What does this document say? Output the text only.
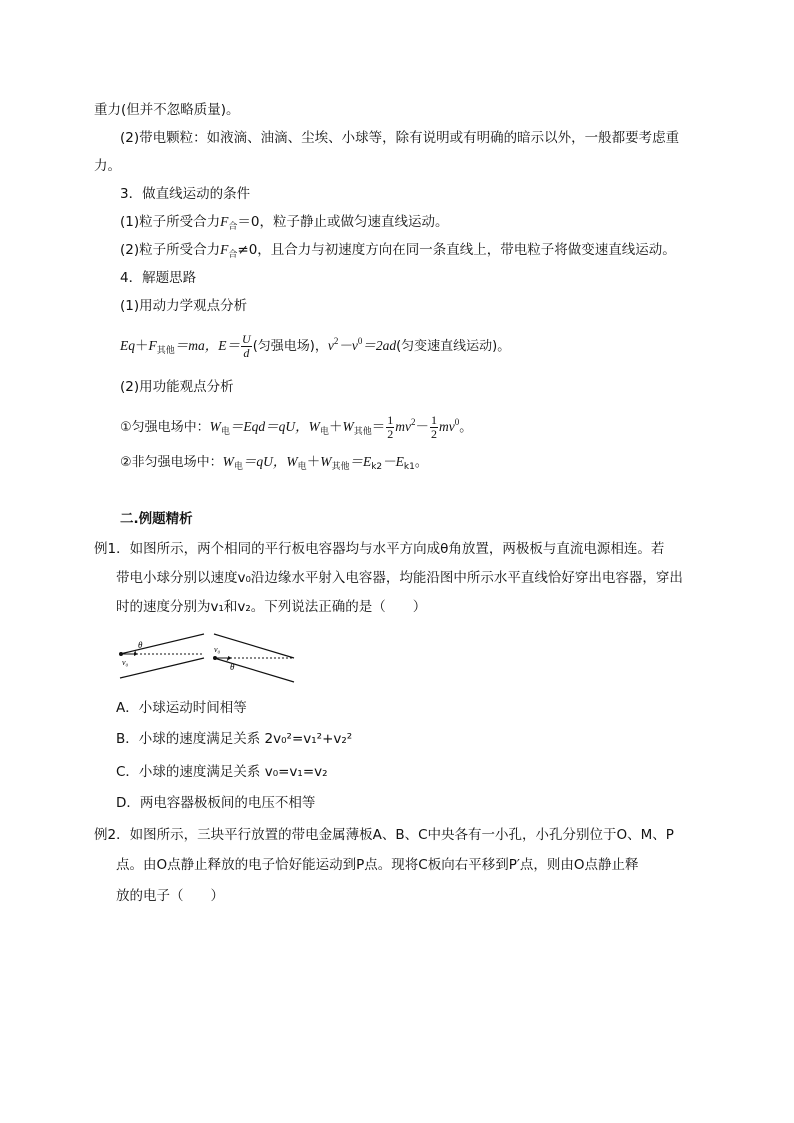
重力(但并不忽略质量)。
(2)带电颗粒：如液滴、油滴、尘埃、小球等，除有说明或有明确的暗示以外，一般都要考虑重
力。
3．做直线运动的条件
(1)粒子所受合力$F_合=0$，粒子静止或做匀速直线运动。
(2)粒子所受合力$F_合\ne 0$，且合力与初速度方向在同一条直线上，带电粒子将做变速直线运动。
4．解题思路
(1)用动力学观点分析
$Eq+F_{其他}=ma$，$E= \frac{U}{d}$ (匀强电场)，$v^2-v^0=2ad$(匀变速直线运动)。
(2)用功能观点分析
①匀强电场中：$W_电=Eqd=qU$，$W_电+W_{其他}= \frac{1}{2} mv^2- \frac{1}{2} mv^0$。
②非匀强电场中：$W_电=qU$，$W_电+W_{其他}=E_{k2}-E_{k1}$。
二.例题精析
例1．如图所示，两个相同的平行板电容器均与水平方向成θ角放置，两极板与直流电源相连。若
带电小球分别以速度v₀沿边缘水平射入电容器，均能沿图中所示水平直线恰好穿出电容器，穿出
时的速度分别为v₁和v₂。下列说法正确的是（　　）
θ
v₀
v₀
θ
A．小球运动时间相等
B．小球的速度满足关系 2v₀²=v₁²+v₂²
C．小球的速度满足关系 v₀=v₁=v₂
D．两电容器极板间的电压不相等
例2．如图所示，三块平行放置的带电金属薄板A、B、C中央各有一小孔，小孔分别位于O、M、P
点。由O点静止释放的电子恰好能运动到P点。现将C板向右平移到P′点，则由O点静止释
放的电子（　　）
